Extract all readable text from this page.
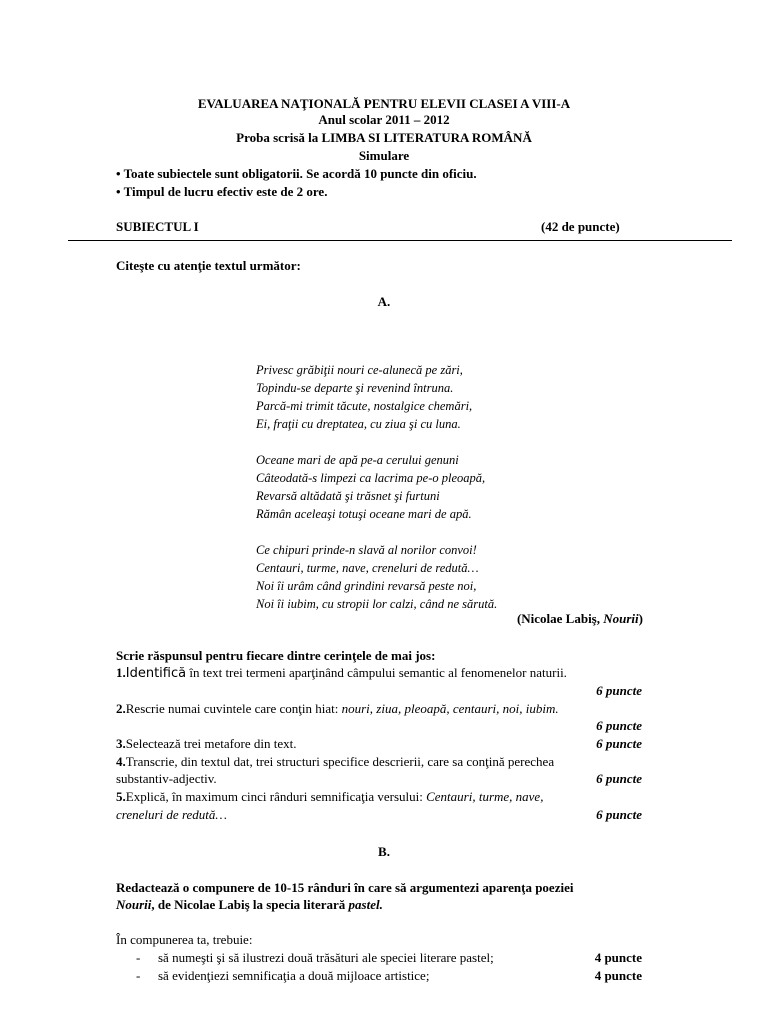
EVALUAREA NAŢIONALĂ PENTRU ELEVII CLASEI A VIII-A
Anul scolar 2011 – 2012
Proba scrisă la LIMBA SI LITERATURA ROMÂNĂ
Simulare
• Toate subiectele sunt obligatorii. Se acordă 10 puncte din oficiu.
• Timpul de lucru efectiv este de 2 ore.
SUBIECTUL I	(42 de puncte)
Citeşte cu atenţie textul următor:
A.
Privesc grăbiţii nouri ce-alunecă pe zări,
Topindu-se departe şi revenind întruna.
Parcă-mi trimit tăcute, nostalgice chemări,
Ei, fraţii cu dreptatea, cu ziua şi cu luna.
Oceane mari de apă pe-a cerului genuni
Câteodată-s limpezi ca lacrima pe-o pleoapă,
Revarsă altădată şi trăsnet şi furtuni
Rămân aceleaşi totuşi oceane mari de apă.
Ce chipuri prinde-n slavă al norilor convoi!
Centauri, turme, nave, creneluri de redută…
Noi îi urâm când grindini revarsă peste noi,
Noi îi iubim, cu stropii lor calzi, când ne sărută.
(Nicolae Labiş, Nourii)
Scrie răspunsul pentru fiecare dintre cerinţele de mai jos:
1.Identifică în text trei termeni aparţinând câmpului semantic al fenomenelor naturii.
6 puncte
2.Rescrie numai cuvintele care conţin hiat: nouri, ziua, pleoapă, centauri, noi, iubim.
6 puncte
3.Selectează trei metafore din text.	6 puncte
4.Transcrie, din textul dat, trei structuri specifice descrierii, care sa conţină perechea
substantiv-adjectiv.	6 puncte
5.Explică, în maximum cinci rânduri semnificaţia versului: Centauri, turme, nave,
creneluri de redută…	6 puncte
B.
Redactează o compunere de 10-15 rânduri în care să argumentezi aparenţa poeziei
Nourii, de Nicolae Labiş la specia literară pastel.
În compunerea ta, trebuie:
- să numeşti şi să ilustrezi două trăsături ale speciei literare pastel;	4 puncte
- să evidenţiezi semnificaţia a două mijloace artistice;	4 puncte
